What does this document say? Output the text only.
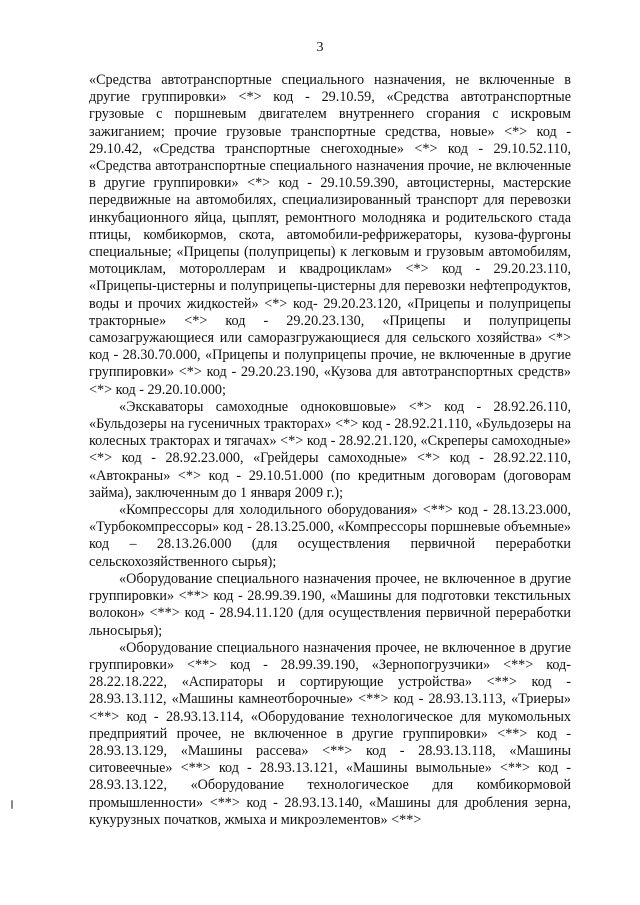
3

«Средства автотранспортные специального назначения, не включенные в другие группировки» <*> код - 29.10.59, «Средства автотранспортные грузовые с поршневым двигателем внутреннего сгорания с искровым зажиганием; прочие грузовые транспортные средства, новые» <*> код - 29.10.42, «Средства транспортные снегоходные» <*> код - 29.10.52.110, «Средства автотранспортные специального назначения прочие, не включенные в другие группировки» <*> код - 29.10.59.390, автоцистерны, мастерские передвижные на автомобилях, специализированный транспорт для перевозки инкубационного яйца, цыплят, ремонтного молодняка и родительского стада птицы, комбикормов, скота, автомобили-рефрижераторы, кузова-фургоны специальные; «Прицепы (полуприцепы) к легковым и грузовым автомобилям, мотоциклам, мотороллерам и квадроциклам» <*> код - 29.20.23.110, «Прицепы-цистерны и полуприцепы-цистерны для перевозки нефтепродуктов, воды и прочих жидкостей» <*> код- 29.20.23.120, «Прицепы и полуприцепы тракторные» <*> код - 29.20.23.130, «Прицепы и полуприцепы самозагружающиеся или саморазгружающиеся для сельского хозяйства» <*> код - 28.30.70.000, «Прицепы и полуприцепы прочие, не включенные в другие группировки» <*> код - 29.20.23.190, «Кузова для автотранспортных средств» <*> код - 29.20.10.000;

«Экскаваторы самоходные одноковшовые» <*> код - 28.92.26.110, «Бульдозеры на гусеничных тракторах» <*> код - 28.92.21.110, «Бульдозеры на колесных тракторах и тягачах» <*> код - 28.92.21.120, «Скреперы самоходные» <*> код - 28.92.23.000, «Грейдеры самоходные» <*> код - 28.92.22.110, «Автокраны» <*> код - 29.10.51.000 (по кредитным договорам (договорам займа), заключенным до 1 января 2009 г.);

«Компрессоры для холодильного оборудования» <**> код - 28.13.23.000, «Турбокомпрессоры» код - 28.13.25.000, «Компрессоры поршневые объемные» код – 28.13.26.000 (для осуществления первичной переработки сельскохозяйственного сырья);

«Оборудование специального назначения прочее, не включенное в другие группировки» <**> код - 28.99.39.190, «Машины для подготовки текстильных волокон» <**> код - 28.94.11.120 (для осуществления первичной переработки льносырья);

«Оборудование специального назначения прочее, не включенное в другие группировки» <**> код - 28.99.39.190, «Зернопогрузчики» <**> код- 28.22.18.222, «Аспираторы и сортирующие устройства» <**> код - 28.93.13.112, «Машины камнеотборочные» <**> код - 28.93.13.113, «Триеры» <**> код - 28.93.13.114, «Оборудование технологическое для мукомольных предприятий прочее, не включенное в другие группировки» <**> код - 28.93.13.129, «Машины рассева» <**> код - 28.93.13.118, «Машины ситовеечные» <**> код - 28.93.13.121, «Машины вымольные» <**> код - 28.93.13.122, «Оборудование технологическое для комбикормовой промышленности» <**> код - 28.93.13.140, «Машины для дробления зерна, кукурузных початков, жмыха и микроэлементов» <**>
